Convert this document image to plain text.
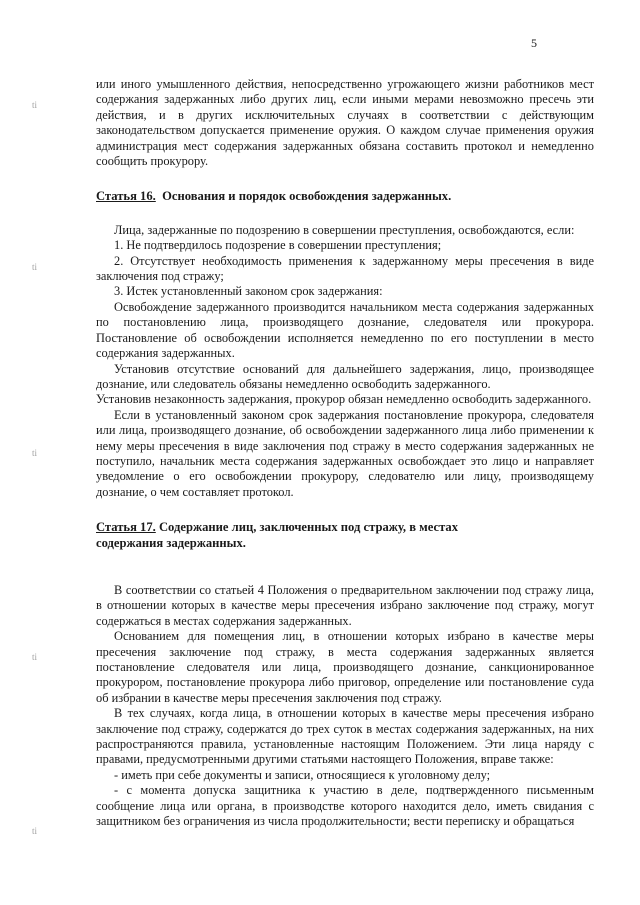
5
ti
ti
ti
ti
ti

или иного умышленного действия, непосредственно угрожающего жизни работников мест содержания задержанных либо других лиц, если иными мерами невозможно пресечь эти действия, и в других исключительных случаях в соответствии с действующим законодательством допускается применение оружия. О каждом случае применения оружия администрация мест содержания задержанных обязана составить протокол и немедленно сообщить прокурору.

Статья 16. Основания и порядок освобождения задержанных.

Лица, задержанные по подозрению в совершении преступления, освобождаются, если:

1. Не подтвердилось подозрение в совершении преступления;

2. Отсутствует необходимость применения к задержанному меры пресечения в виде заключения под стражу;

3. Истек установленный законом срок задержания:

Освобождение задержанного производится начальником места содержания задержанных по постановлению лица, производящего дознание, следователя или прокурора. Постановление об освобождении исполняется немедленно по его поступлении в место содержания задержанных.

Установив отсутствие оснований для дальнейшего задержания, лицо, производящее дознание, или следователь обязаны немедленно освободить задержанного.

Установив незаконность задержания, прокурор обязан немедленно освободить задержанного.

Если в установленный законом срок задержания постановление прокурора, следователя или лица, производящего дознание, об освобождении задержанного лица либо применении к нему меры пресечения в виде заключения под стражу в место содержания задержанных не поступило, начальник места содержания задержанных освобождает это лицо и направляет уведомление о его освобождении прокурору, следователю или лицу, производящему дознание, о чем составляет протокол.

Статья 17. Содержание лиц, заключенных под стражу, в местах
содержания задержанных.

В соответствии со статьей 4 Положения о предварительном заключении под стражу лица, в отношении которых в качестве меры пресечения избрано заключение под стражу, могут содержаться в местах содержания задержанных.

Основанием для помещения лиц, в отношении которых избрано в качестве меры пресечения заключение под стражу, в места содержания задержанных является постановление следователя или лица, производящего дознание, санкционированное прокурором, постановление прокурора либо приговор, определение или постановление суда об избрании в качестве меры пресечения заключения под стражу.

В тех случаях, когда лица, в отношении которых в качестве меры пресечения избрано заключение под стражу, содержатся до трех суток в местах содержания задержанных, на них распространяются правила, установленные настоящим Положением. Эти лица наряду с правами, предусмотренными другими статьями настоящего Положения, вправе также:

- иметь при себе документы и записи, относящиеся к уголовному делу;

- с момента допуска защитника к участию в деле, подтвержденного письменным сообщение лица или органа, в производстве которого находится дело, иметь свидания с защитником без ограничения из числа продолжительности; вести переписку и обращаться
